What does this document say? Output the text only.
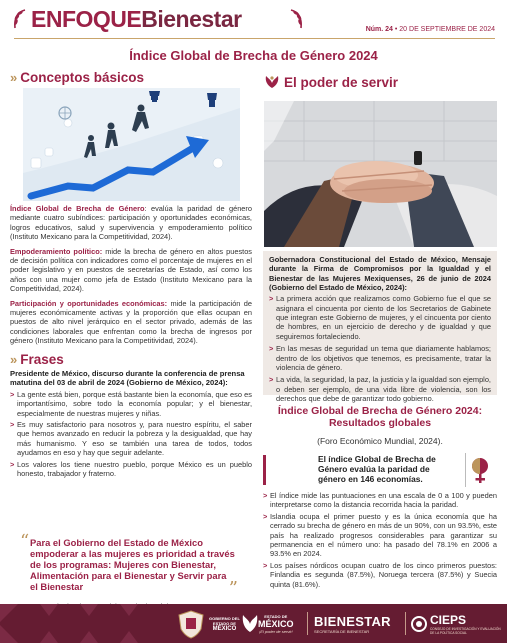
ENFOQUEBienestar	Núm. 24 • 20 DE SEPTIEMBRE DE 2024
Índice Global de Brecha de Género 2024
» Conceptos básicos

Índice Global de Brecha de Género: evalúa la paridad de género mediante cuatro subíndices: participación y oportunidades económicas, logros educativos, salud y supervivencia y empoderamiento político (Instituto Mexicano para la Competitividad, 2024).

Empoderamiento político: mide la brecha de género en altos puestos de decisión política con indicadores como el porcentaje de mujeres en el poder legislativo y en puestos de secretarías de Estado, así como los años con una mujer como jefa de Estado (Instituto Mexicano para la Competitividad, 2024).

Participación y oportunidades económicas: mide la participación de mujeres económicamente activas y la proporción que ellas ocupan en puestos de alto nivel jerárquico en el sector privado, además de las condiciones laborales que enfrentan como la brecha de ingresos por género (Instituto Mexicano para la Competitividad, 2024).

» Frases

Presidente de México, discurso durante la conferencia de prensa matutina del 03 de abril de 2024 (Gobierno de México, 2024):

> La gente está bien, porque está bastante bien la economía, que eso es importantísimo, sobre todo la economía popular; y el bienestar, especialmente de nuestras mujeres y niñas.

> Es muy satisfactorio para nosotros y, para nuestro espíritu, el saber que hemos avanzado en reducir la pobreza y la desigualdad, que hay más humanismo. Y eso se también una tarea de todos, todos ayudamos en eso y hay que seguir adelante.

> Los valores los tiene nuestro pueblo, porque México es un pueblo honesto, trabajador y fraterno.

“ Para el Gobierno del Estado de México empoderar a las mujeres es prioridad a través de los programas: Mujeres con Bienestar, Alimentación para el Bienestar y Servir para el Bienestar	”

El poder de servir

Gobernadora Constitucional del Estado de México, Mensaje durante la Firma de Compromisos por la Igualdad y el Bienestar de las Mujeres Mexiquenses, 26 de junio de 2024 (Gobierno del Estado de México, 2024):

> La primera acción que realizamos como Gobierno fue el que se asignara el cincuenta por ciento de los Secretarios de Gabinete que integran este Gobierno de mujeres, y el cincuenta por ciento de hombres, en un ejercicio de derecho y de igualdad y que seguiremos fortaleciendo.

> En las mesas de seguridad un tema que diariamente hablamos; dentro de los objetivos que tenemos, es precisamente, tratar la violencia de género.

> La vida, la seguridad, la paz, la justicia y la igualdad son ejemplo, o deben ser ejemplo, de una vida libre de violencia, son los derechos que debe de garantizar todo gobierno.

Índice Global de Brecha de Género 2024:
Resultados globales
(Foro Económico Mundial, 2024).
El índice Global de Brecha de Género evalúa la paridad de género en 146 economías.

> El índice mide las puntuaciones en una escala de 0 a 100 y pueden interpretarse como la distancia recorrida hacia la paridad.

> Islandia ocupa el primer puesto y es la única economía que ha cerrado su brecha de género en más de un 90%, con un 93.5%, este país ha realizado progresos considerables para garantizar su permanencia en el número uno: ha pasado del 78.1% en 2006 a 93.5% en 2024.

> Los países nórdicos ocupan cuatro de los cinco primeros puestos: Finlandia es segunda (87.5%), Noruega tercera (87.5%) y Suecia quinta (81.6%).

GOBIERNO DEL
ESTADO DE
MÉXICO
ESTADO DE
MÉXICO
¡El poder de servir!
BIENESTAR
SECRETARÍA DE BIENESTAR
CIEPS
CONSEJO DE INVESTIGACIÓN Y EVALUACIÓN DE LA POLÍTICA SOCIAL
